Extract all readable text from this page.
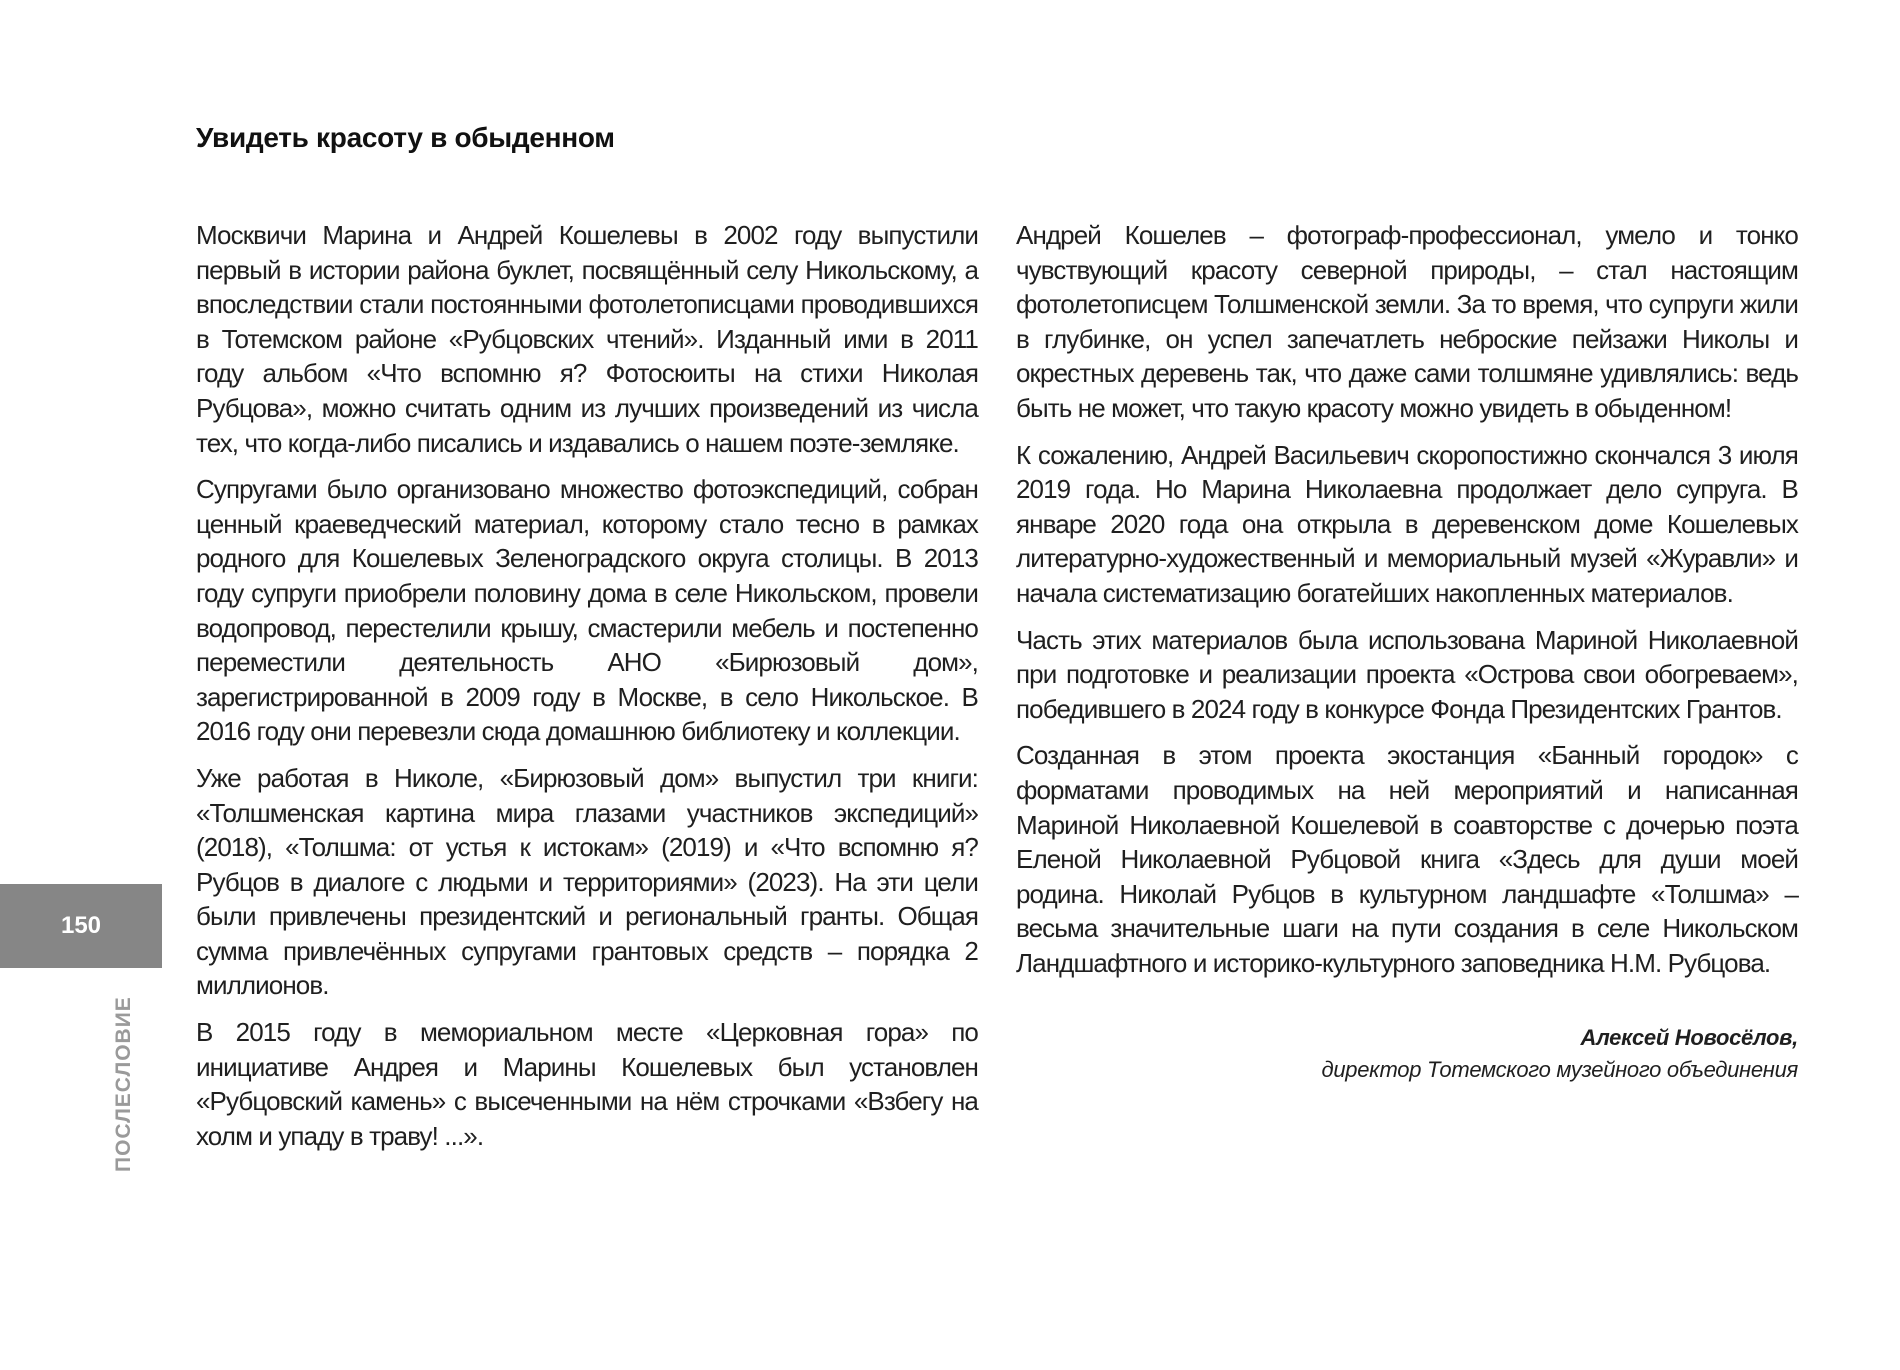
Увидеть красоту в обыденном

Москвичи Марина и Андрей Кошелевы в 2002 году выпустили первый в истории района буклет, посвящённый селу Никольскому, а впоследствии стали постоянными фотолетописцами проводившихся в Тотемском районе «Рубцовских чтений». Изданный ими в 2011 году альбом «Что вспомню я? Фотосюиты на стихи Николая Рубцова», можно считать одним из лучших произведений из числа тех, что когда-либо писались и издавались о нашем поэте-земляке.

Супругами было организовано множество фотоэкспедиций, собран ценный краеведческий материал, которому стало тесно в рамках родного для Кошелевых Зеленоградского округа столицы. В 2013 году супруги приобрели половину дома в селе Никольском, провели водопровод, перестелили крышу, смастерили мебель и постепенно переместили деятельность АНО «Бирюзовый дом», зарегистрированной в 2009 году в Москве, в село Никольское. В 2016 году они перевезли сюда домашнюю библиотеку и коллекции.

Уже работая в Николе, «Бирюзовый дом» выпустил три книги: «Толшменская картина мира глазами участников экспедиций» (2018), «Толшма: от устья к истокам» (2019) и «Что вспомню я? Рубцов в диалоге с людьми и территориями» (2023). На эти цели были привлечены президентский и региональный гранты. Общая сумма привлечённых супругами грантовых средств – порядка 2 миллионов.

В 2015 году в мемориальном месте «Церковная гора» по инициативе Андрея и Марины Кошелевых был установлен «Рубцовский камень» с высеченными на нём строчками «Взбегу на холм и упаду в траву! ...».

Андрей Кошелев – фотограф-профессионал, умело и тонко чувствующий красоту северной природы, – стал настоящим фотолетописцем Толшменской земли. За то время, что супруги жили в глубинке, он успел запечатлеть неброские пейзажи Николы и окрестных деревень так, что даже сами толшмяне удивлялись: ведь быть не может, что такую красоту можно увидеть в обыденном!

К сожалению, Андрей Васильевич скоропостижно скончался 3 июля 2019 года. Но Марина Николаевна продолжает дело супруга. В январе 2020 года она открыла в деревенском доме Кошелевых литературно-художественный и мемориальный музей «Журавли» и начала систематизацию богатейших накопленных материалов.

Часть этих материалов была использована Мариной Николаевной при подготовке и реализации проекта «Острова свои обогреваем», победившего в 2024 году в конкурсе Фонда Президентских Грантов.

Созданная в этом проекта экостанция «Банный городок» с форматами проводимых на ней мероприятий и написанная Мариной Николаевной Кошелевой в соавторстве с дочерью поэта Еленой Николаевной Рубцовой книга «Здесь для души моей родина. Николай Рубцов в культурном ландшафте «Толшма» – весьма значительные шаги на пути создания в селе Никольском Ландшафтного и историко-культурного заповедника Н.М. Рубцова.

Алексей Новосёлов,
директор Тотемского музейного объединения
150
ПОСЛЕСЛОВИЕ
